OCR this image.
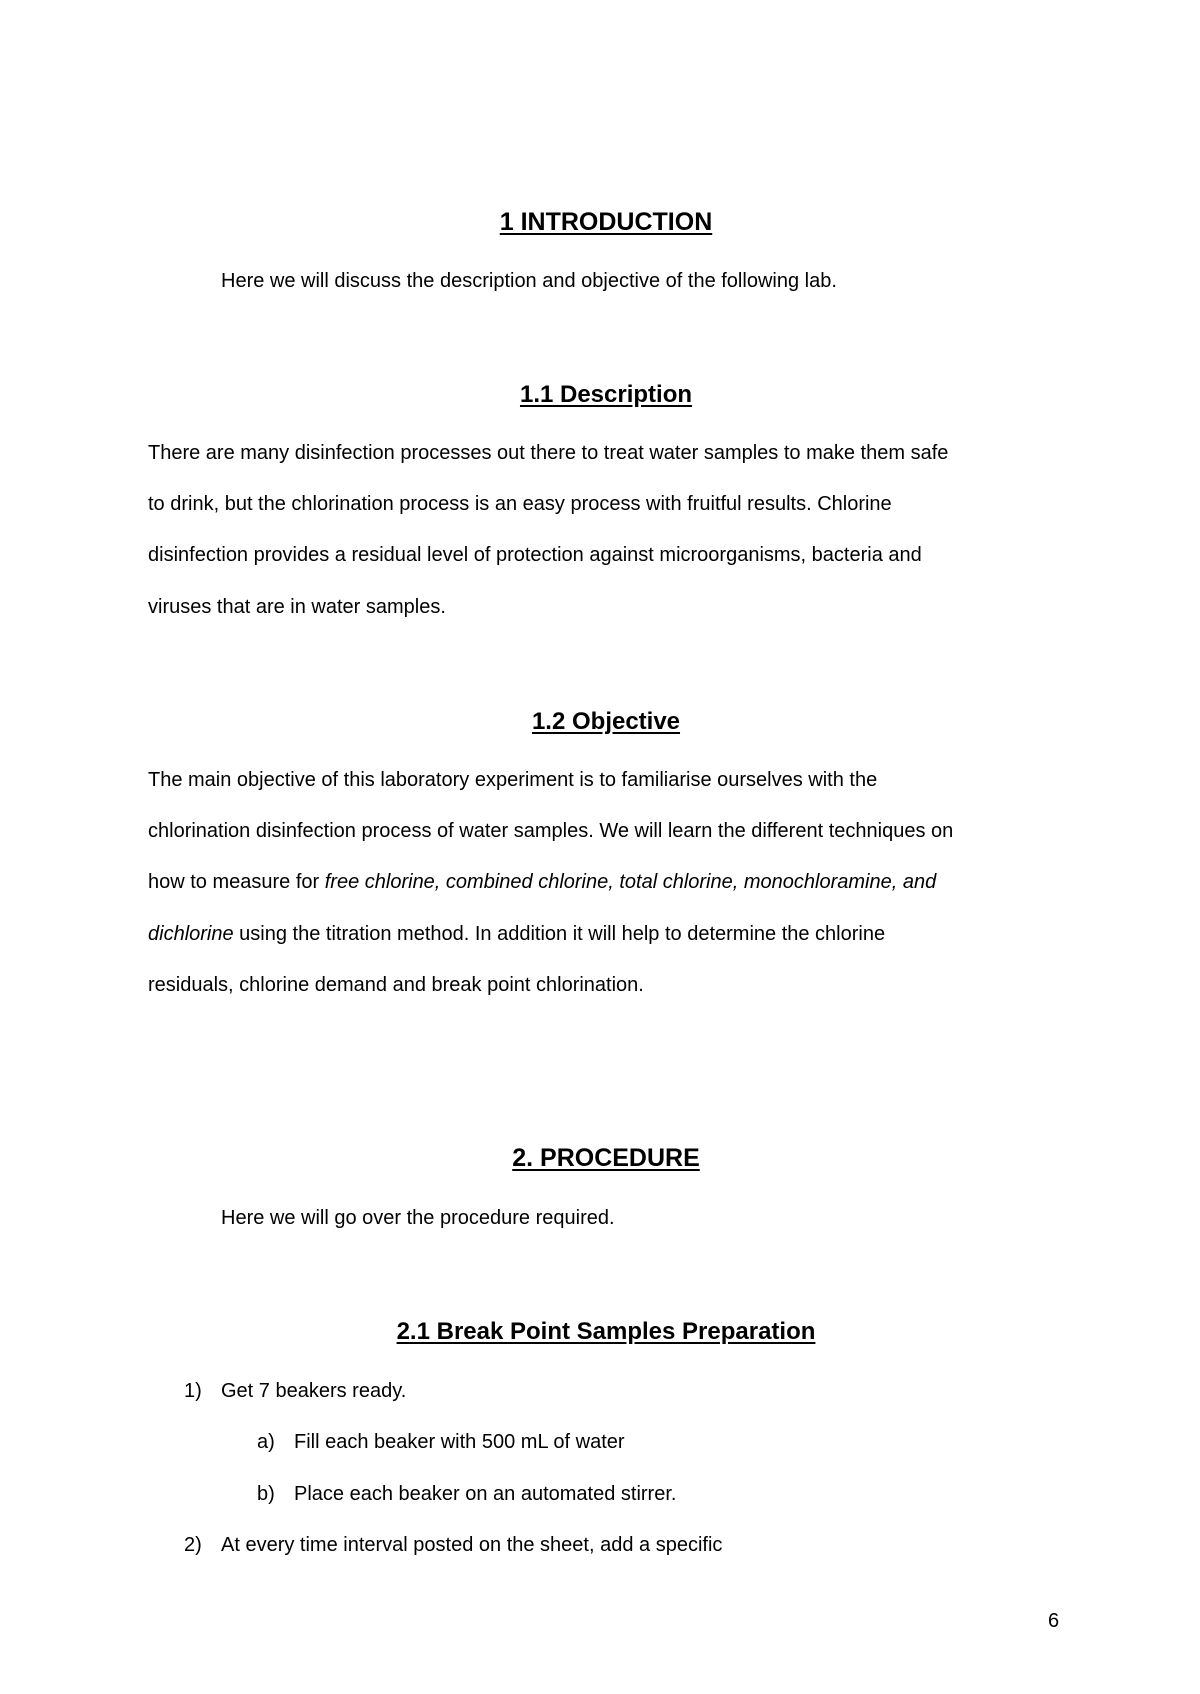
1 INTRODUCTION

Here we will discuss the description and objective of the following lab.

1.1 Description

There are many disinfection processes out there to treat water samples to make them safe

to drink, but the chlorination process is an easy process with fruitful results. Chlorine

disinfection provides a residual level of protection against microorganisms, bacteria and

viruses that are in water samples.

1.2 Objective

The main objective of this laboratory experiment is to familiarise ourselves with the

chlorination disinfection process of water samples. We will learn the different techniques on

how to measure for free chlorine, combined chlorine, total chlorine, monochloramine, and

dichlorine using the titration method. In addition it will help to determine the chlorine

residuals, chlorine demand and break point chlorination.

2. PROCEDURE

Here we will go over the procedure required.

2.1 Break Point Samples Preparation
1) Get 7 beakers ready.
a) Fill each beaker with 500 mL of water
b) Place each beaker on an automated stirrer.
2) At every time interval posted on the sheet, add a specific
6
